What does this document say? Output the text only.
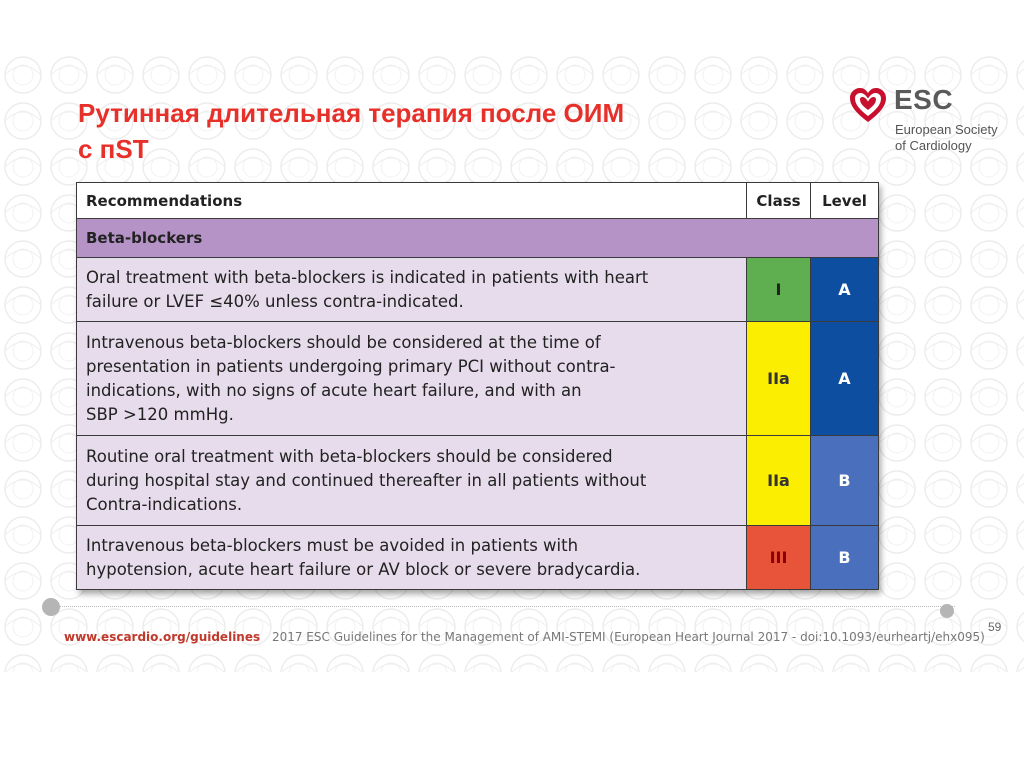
Рутинная длительная терапия после ОИМ
с пST
ESC
European Society
of Cardiology
Recommendations	Class	Level
Beta-blockers		
Oral treatment with beta-blockers is indicated in patients with heart
failure or LVEF ≤40% unless contra-indicated.	I	A
Intravenous beta-blockers should be considered at the time of
presentation in patients undergoing primary PCI without contra-
indications, with no signs of acute heart failure, and with an
SBP >120 mmHg.	IIa	A
Routine oral treatment with beta-blockers should be considered
during hospital stay and continued thereafter in all patients without
Contra-indications.	IIa	B
Intravenous beta-blockers must be avoided in patients with
hypotension, acute heart failure or AV block or severe bradycardia.	III	B
www.escardio.org/guidelines 2017 ESC Guidelines for the Management of AMI-STEMI (European Heart Journal 2017 - doi:10.1093/eurheartj/ehx095)
59
